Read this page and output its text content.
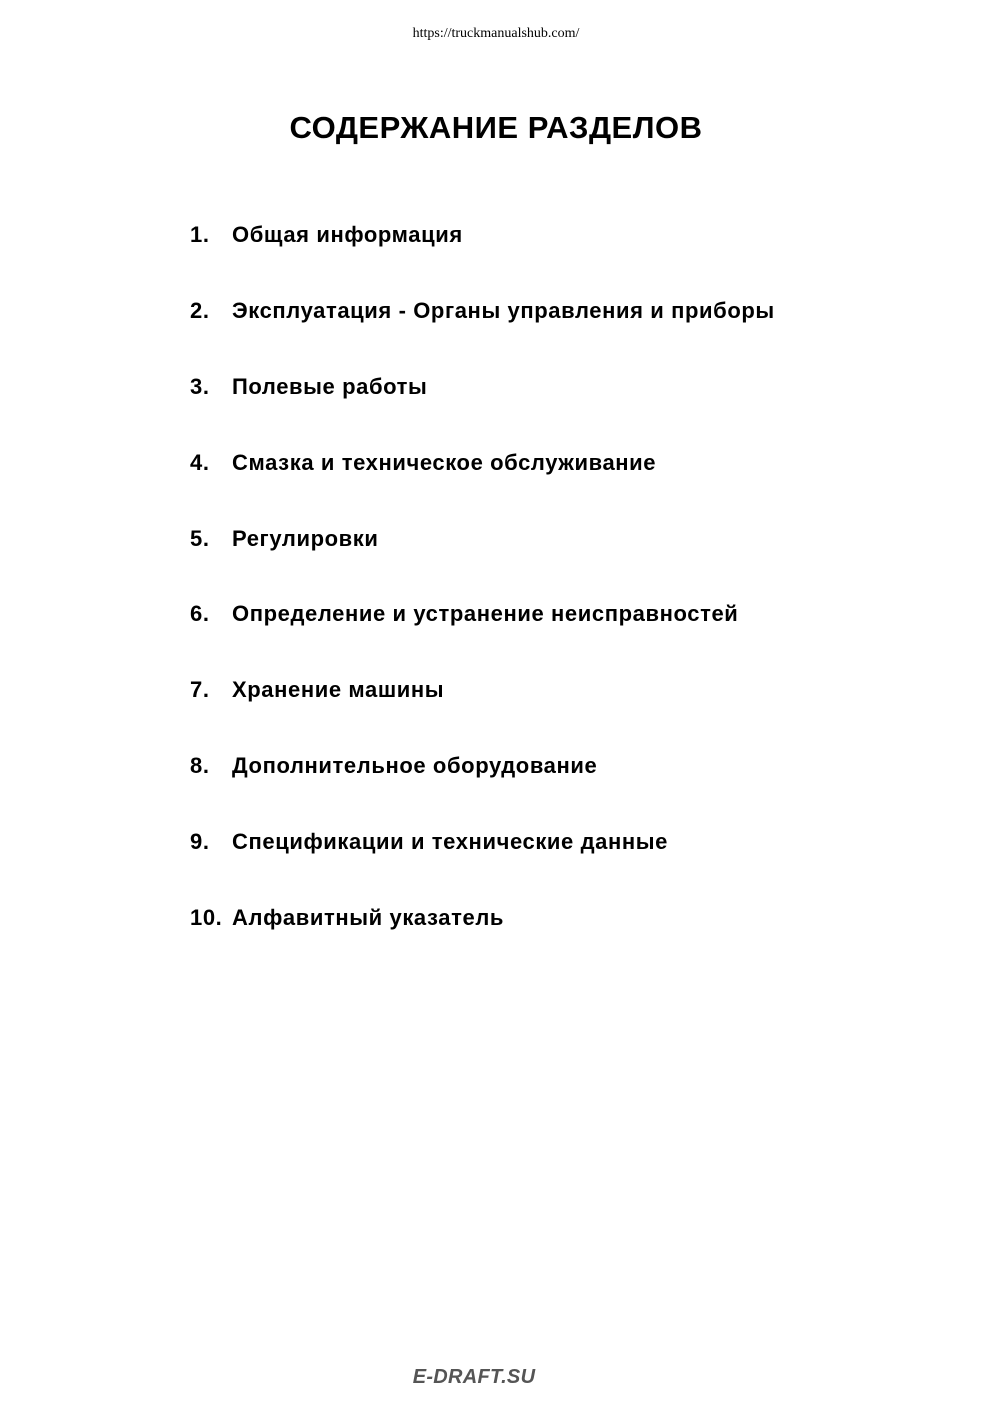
https://truckmanualshub.com/
СОДЕРЖАНИЕ РАЗДЕЛОВ
1.	Общая информация
2.	Эксплуатация - Органы управления и приборы
3.	Полевые работы
4.	Смазка и техническое обслуживание
5.	Регулировки
6.	Определение и устранение неисправностей
7.	Хранение машины
8.	Дополнительное оборудование
9.	Спецификации и технические данные
10. Алфавитный указатель
E-DRAFT.SU
